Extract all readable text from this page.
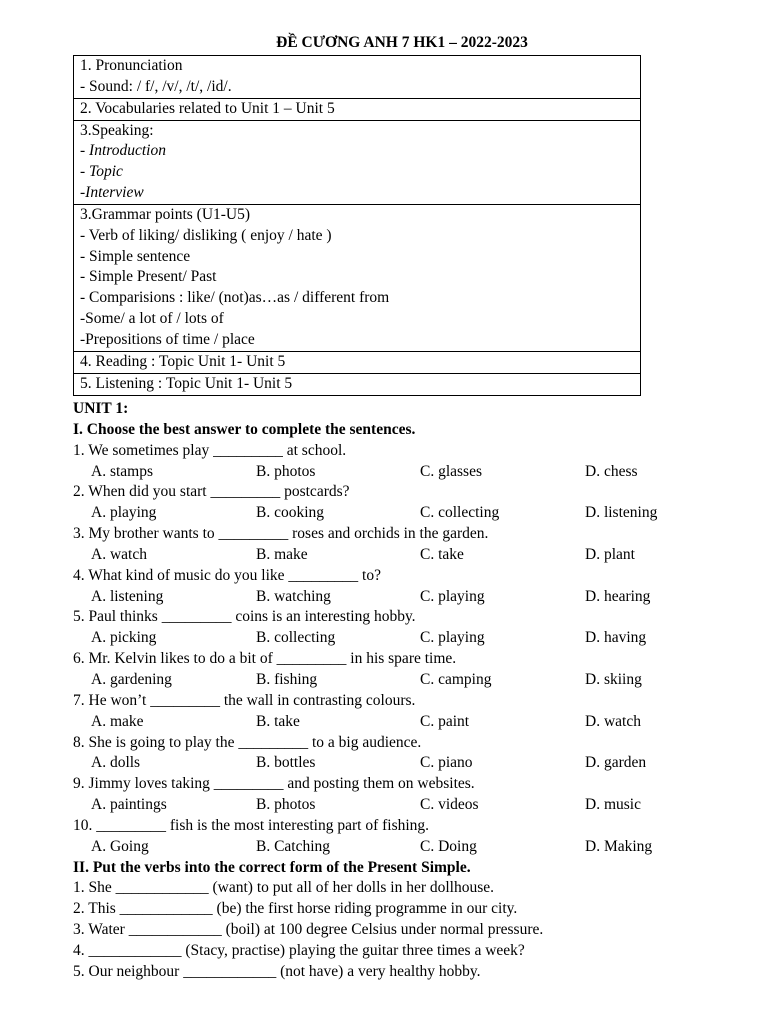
ĐỀ CƯƠNG ANH 7 HK1 – 2022-2023
1. Pronunciation
- Sound: / f/, /v/, /t/, /id/.

2. Vocabularies related to Unit 1 – Unit 5

3.Speaking:
- Introduction
- Topic
-Interview

3.Grammar points (U1-U5)
- Verb of liking/ disliking ( enjoy / hate )
- Simple sentence
- Simple Present/ Past
- Comparisions : like/ (not)as…as / different from
-Some/ a lot of / lots of
-Prepositions of time / place

4. Reading : Topic Unit 1- Unit 5

5. Listening : Topic Unit 1- Unit 5
UNIT 1:
I. Choose the best answer to complete the sentences.
1. We sometimes play _________ at school.
A. stamps	B. photos	C. glasses	D. chess
2. When did you start _________ postcards?
A. playing	B. cooking	C. collecting	D. listening
3. My brother wants to _________ roses and orchids in the garden.
A. watch	B. make	C. take	D. plant
4. What kind of music do you like _________ to?
A. listening	B. watching	C. playing	D. hearing
5. Paul thinks _________ coins is an interesting hobby.
A. picking	B. collecting	C. playing	D. having
6. Mr. Kelvin likes to do a bit of _________ in his spare time.
A. gardening	B. fishing	C. camping	D. skiing
7. He won’t _________ the wall in contrasting colours.
A. make	B. take	C. paint	D. watch
8. She is going to play the _________ to a big audience.
A. dolls	B. bottles	C. piano	D. garden
9. Jimmy loves taking _________ and posting them on websites.
A. paintings	B. photos	C. videos	D. music
10. _________ fish is the most interesting part of fishing.
A. Going	B. Catching	C. Doing	D. Making
II. Put the verbs into the correct form of the Present Simple.
1. She ____________ (want) to put all of her dolls in her dollhouse.
2. This ____________ (be) the first horse riding programme in our city.
3. Water ____________ (boil) at 100 degree Celsius under normal pressure.
4. ____________ (Stacy, practise) playing the guitar three times a week?
5. Our neighbour ____________ (not have) a very healthy hobby.
